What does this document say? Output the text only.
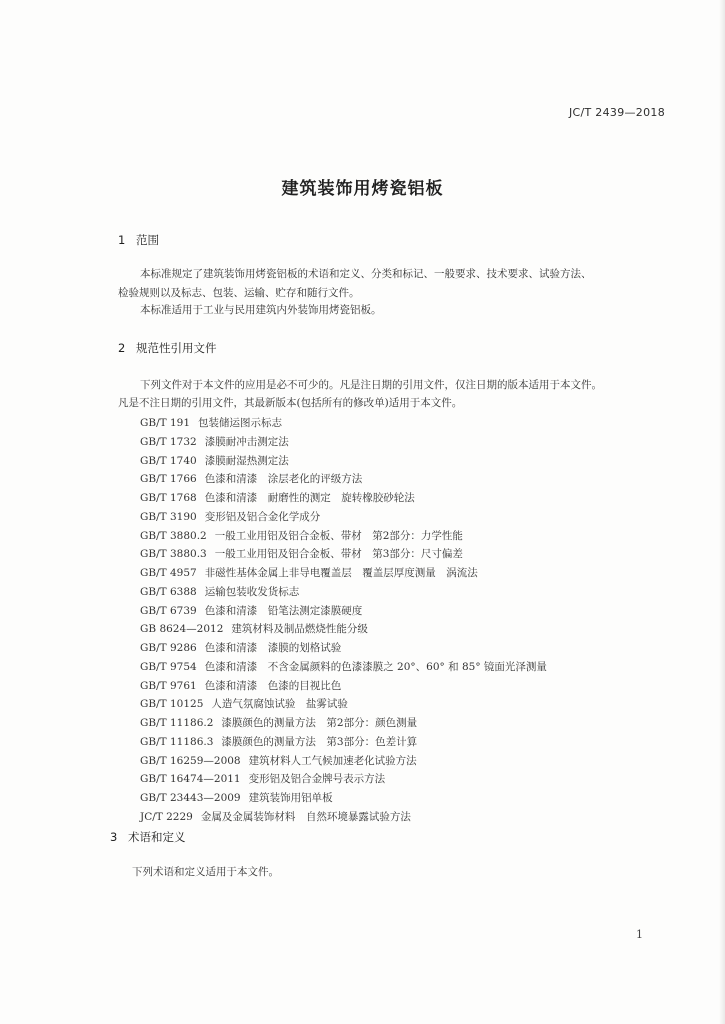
JC/T 2439—2018
建筑装饰用烤瓷铝板
1 范围
本标准规定了建筑装饰用烤瓷铝板的术语和定义、分类和标记、一般要求、技术要求、试验方法、
检验规则以及标志、包装、运输、贮存和随行文件。
本标准适用于工业与民用建筑内外装饰用烤瓷铝板。
2 规范性引用文件
下列文件对于本文件的应用是必不可少的。凡是注日期的引用文件，仅注日期的版本适用于本文件。
凡是不注日期的引用文件，其最新版本(包括所有的修改单)适用于本文件。
GB/T 191 包装储运图示标志
GB/T 1732 漆膜耐冲击测定法
GB/T 1740 漆膜耐湿热测定法
GB/T 1766 色漆和清漆　涂层老化的评级方法
GB/T 1768 色漆和清漆　耐磨性的测定　旋转橡胶砂轮法
GB/T 3190 变形铝及铝合金化学成分
GB/T 3880.2 一般工业用铝及铝合金板、带材　第2部分：力学性能
GB/T 3880.3 一般工业用铝及铝合金板、带材　第3部分：尺寸偏差
GB/T 4957 非磁性基体金属上非导电覆盖层　覆盖层厚度测量　涡流法
GB/T 6388 运输包装收发货标志
GB/T 6739 色漆和清漆　铅笔法测定漆膜硬度
GB 8624—2012 建筑材料及制品燃烧性能分级
GB/T 9286 色漆和清漆　漆膜的划格试验
GB/T 9754 色漆和清漆　不含金属颜料的色漆漆膜之 20°、60° 和 85° 镜面光泽测量
GB/T 9761 色漆和清漆　色漆的目视比色
GB/T 10125 人造气氛腐蚀试验　盐雾试验
GB/T 11186.2 漆膜颜色的测量方法　第2部分：颜色测量
GB/T 11186.3 漆膜颜色的测量方法　第3部分：色差计算
GB/T 16259—2008 建筑材料人工气候加速老化试验方法
GB/T 16474—2011 变形铝及铝合金牌号表示方法
GB/T 23443—2009 建筑装饰用铝单板
JC/T 2229 金属及金属装饰材料　自然环境暴露试验方法
3 术语和定义
下列术语和定义适用于本文件。
1
